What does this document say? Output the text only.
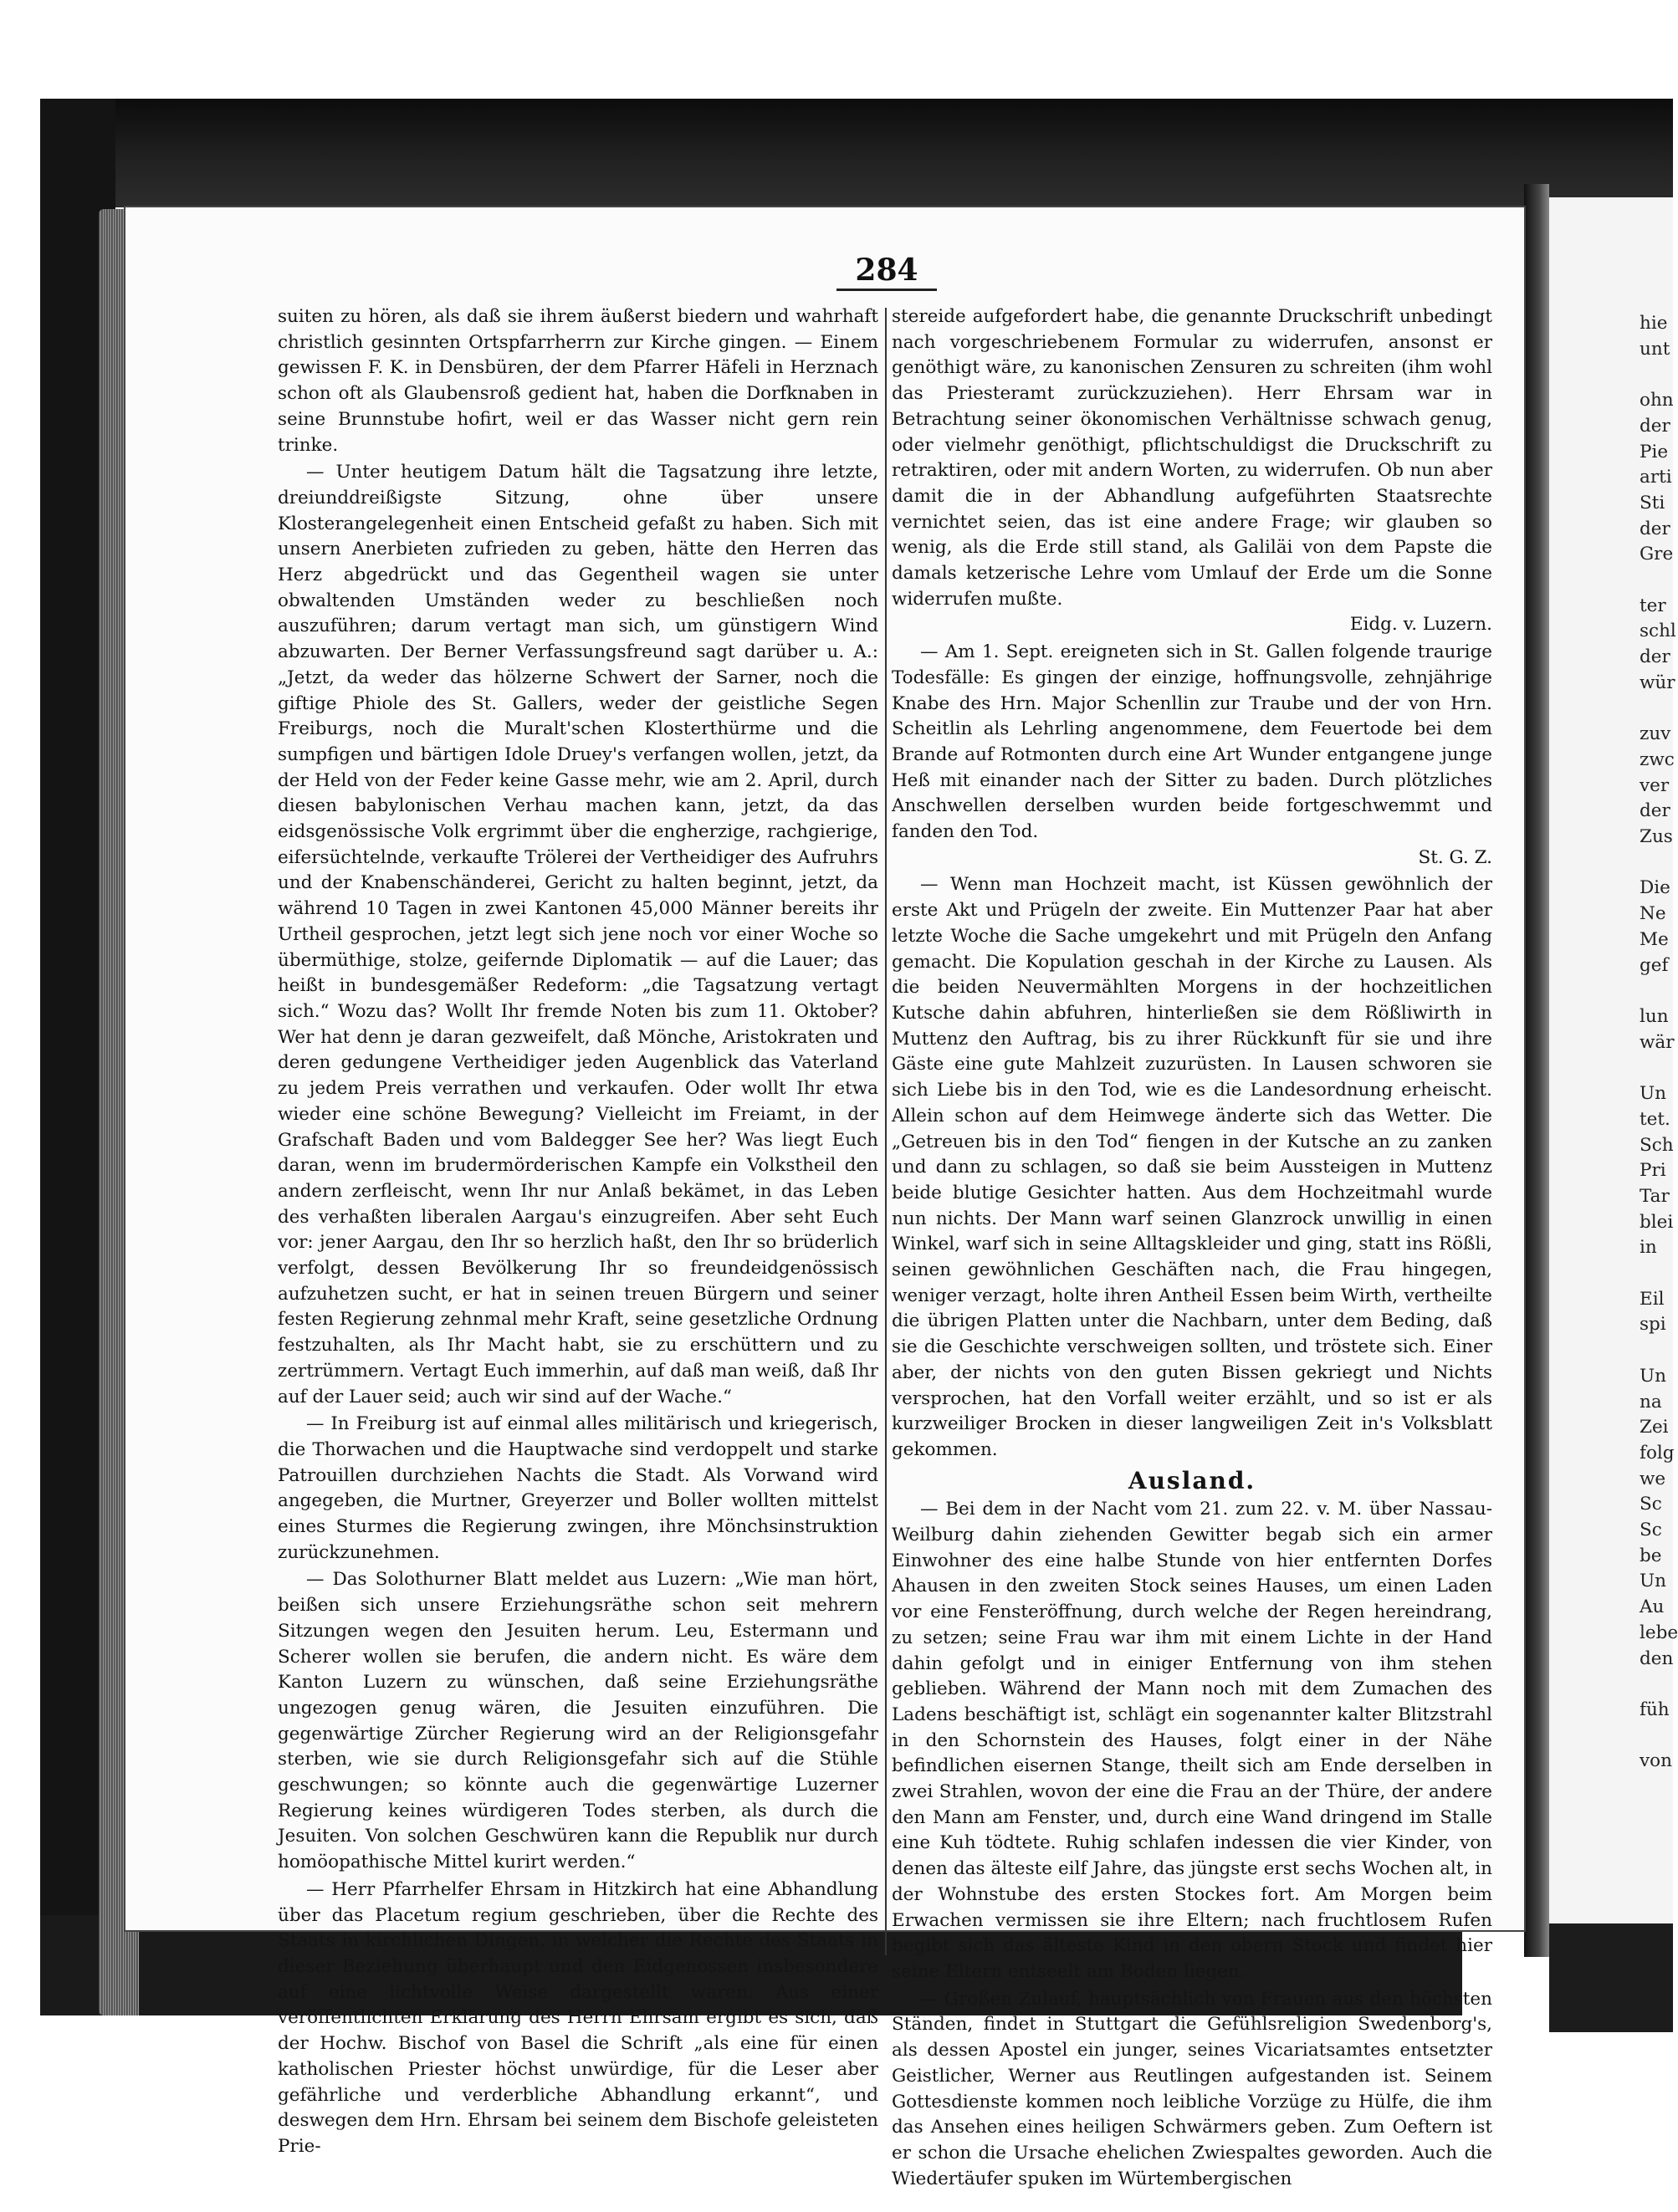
284

suiten zu hören, als daß sie ihrem äußerst biedern und wahrhaft christlich gesinnten Ortspfarrherrn zur Kirche gingen. — Einem gewissen F. K. in Densbüren, der dem Pfarrer Häfeli in Herznach schon oft als Glaubensroß gedient hat, haben die Dorfknaben in seine Brunnstube hofirt, weil er das Wasser nicht gern rein trinke.

— Unter heutigem Datum hält die Tagsatzung ihre letzte, dreiunddreißigste Sitzung, ohne über unsere Klosterangelegenheit einen Entscheid gefaßt zu haben. Sich mit unsern Anerbieten zufrieden zu geben, hätte den Herren das Herz abgedrückt und das Gegentheil wagen sie unter obwaltenden Umständen weder zu beschließen noch auszuführen; darum vertagt man sich, um günstigern Wind abzuwarten. Der Berner Verfassungsfreund sagt darüber u. A.: „Jetzt, da weder das hölzerne Schwert der Sarner, noch die giftige Phiole des St. Gallers, weder der geistliche Segen Freiburgs, noch die Muralt'schen Klosterthürme und die sumpfigen und bärtigen Idole Druey's verfangen wollen, jetzt, da der Held von der Feder keine Gasse mehr, wie am 2. April, durch diesen babylonischen Verhau machen kann, jetzt, da das eidsgenössische Volk ergrimmt über die engherzige, rachgierige, eifersüchtelnde, verkaufte Trölerei der Vertheidiger des Aufruhrs und der Knabenschänderei, Gericht zu halten beginnt, jetzt, da während 10 Tagen in zwei Kantonen 45,000 Männer bereits ihr Urtheil gesprochen, jetzt legt sich jene noch vor einer Woche so übermüthige, stolze, geifernde Diplomatik — auf die Lauer; das heißt in bundesgemäßer Redeform: „die Tagsatzung vertagt sich.“ Wozu das? Wollt Ihr fremde Noten bis zum 11. Oktober? Wer hat denn je daran gezweifelt, daß Mönche, Aristokraten und deren gedungene Vertheidiger jeden Augenblick das Vaterland zu jedem Preis verrathen und verkaufen. Oder wollt Ihr etwa wieder eine schöne Bewegung? Vielleicht im Freiamt, in der Grafschaft Baden und vom Baldegger See her? Was liegt Euch daran, wenn im brudermörderischen Kampfe ein Volkstheil den andern zerfleischt, wenn Ihr nur Anlaß bekämet, in das Leben des verhaßten liberalen Aargau's einzugreifen. Aber seht Euch vor: jener Aargau, den Ihr so herzlich haßt, den Ihr so brüderlich verfolgt, dessen Bevölkerung Ihr so freundeidgenössisch aufzuhetzen sucht, er hat in seinen treuen Bürgern und seiner festen Regierung zehnmal mehr Kraft, seine gesetzliche Ordnung festzuhalten, als Ihr Macht habt, sie zu erschüttern und zu zertrümmern. Vertagt Euch immerhin, auf daß man weiß, daß Ihr auf der Lauer seid; auch wir sind auf der Wache.“

— In Freiburg ist auf einmal alles militärisch und kriegerisch, die Thorwachen und die Hauptwache sind verdoppelt und starke Patrouillen durchziehen Nachts die Stadt. Als Vorwand wird angegeben, die Murtner, Greyerzer und Boller wollten mittelst eines Sturmes die Regierung zwingen, ihre Mönchsinstruktion zurückzunehmen.

— Das Solothurner Blatt meldet aus Luzern: „Wie man hört, beißen sich unsere Erziehungsräthe schon seit mehrern Sitzungen wegen den Jesuiten herum. Leu, Estermann und Scherer wollen sie berufen, die andern nicht. Es wäre dem Kanton Luzern zu wünschen, daß seine Erziehungsräthe ungezogen genug wären, die Jesuiten einzuführen. Die gegenwärtige Zürcher Regierung wird an der Religionsgefahr sterben, wie sie durch Religionsgefahr sich auf die Stühle geschwungen; so könnte auch die gegenwärtige Luzerner Regierung keines würdigeren Todes sterben, als durch die Jesuiten. Von solchen Geschwüren kann die Republik nur durch homöopathische Mittel kurirt werden.“

— Herr Pfarrhelfer Ehrsam in Hitzkirch hat eine Abhandlung über das Placetum regium geschrieben, über die Rechte des Staats in kirchlichen Dingen, in welcher die Rechte des Staats in dieser Beziehung überhaupt und den Eidgenossen insbesondere auf eine lichtvolle Weise dargestellt waren. Aus einer veröffentlichten Erklärung des Herrn Ehrsam ergibt es sich, daß der Hochw. Bischof von Basel die Schrift „als eine für einen katholischen Priester höchst unwürdige, für die Leser aber gefährliche und verderbliche Abhandlung erkannt“, und deswegen dem Hrn. Ehrsam bei seinem dem Bischofe geleisteten Prie-

stereide aufgefordert habe, die genannte Druckschrift unbedingt nach vorgeschriebenem Formular zu widerrufen, ansonst er genöthigt wäre, zu kanonischen Zensuren zu schreiten (ihm wohl das Priesteramt zurückzuziehen). Herr Ehrsam war in Betrachtung seiner ökonomischen Verhältnisse schwach genug, oder vielmehr genöthigt, pflichtschuldigst die Druckschrift zu retraktiren, oder mit andern Worten, zu widerrufen. Ob nun aber damit die in der Abhandlung aufgeführten Staatsrechte vernichtet seien, das ist eine andere Frage; wir glauben so wenig, als die Erde still stand, als Galiläi von dem Papste die damals ketzerische Lehre vom Umlauf der Erde um die Sonne widerrufen mußte.
Eidg. v. Luzern.

— Am 1. Sept. ereigneten sich in St. Gallen folgende traurige Todesfälle: Es gingen der einzige, hoffnungsvolle, zehnjährige Knabe des Hrn. Major Schenllin zur Traube und der von Hrn. Scheitlin als Lehrling angenommene, dem Feuertode bei dem Brande auf Rotmonten durch eine Art Wunder entgangene junge Heß mit einander nach der Sitter zu baden. Durch plötzliches Anschwellen derselben wurden beide fortgeschwemmt und fanden den Tod.
St. G. Z.

— Wenn man Hochzeit macht, ist Küssen gewöhnlich der erste Akt und Prügeln der zweite. Ein Muttenzer Paar hat aber letzte Woche die Sache umgekehrt und mit Prügeln den Anfang gemacht. Die Kopulation geschah in der Kirche zu Lausen. Als die beiden Neuvermählten Morgens in der hochzeitlichen Kutsche dahin abfuhren, hinterließen sie dem Rößliwirth in Muttenz den Auftrag, bis zu ihrer Rückkunft für sie und ihre Gäste eine gute Mahlzeit zuzurüsten. In Lausen schworen sie sich Liebe bis in den Tod, wie es die Landesordnung erheischt. Allein schon auf dem Heimwege änderte sich das Wetter. Die „Getreuen bis in den Tod“ fiengen in der Kutsche an zu zanken und dann zu schlagen, so daß sie beim Aussteigen in Muttenz beide blutige Gesichter hatten. Aus dem Hochzeitmahl wurde nun nichts. Der Mann warf seinen Glanzrock unwillig in einen Winkel, warf sich in seine Alltagskleider und ging, statt ins Rößli, seinen gewöhnlichen Geschäften nach, die Frau hingegen, weniger verzagt, holte ihren Antheil Essen beim Wirth, vertheilte die übrigen Platten unter die Nachbarn, unter dem Beding, daß sie die Geschichte verschweigen sollten, und tröstete sich. Einer aber, der nichts von den guten Bissen gekriegt und Nichts versprochen, hat den Vorfall weiter erzählt, und so ist er als kurzweiliger Brocken in dieser langweiligen Zeit in's Volksblatt gekommen.

Ausland.

— Bei dem in der Nacht vom 21. zum 22. v. M. über Nassau-Weilburg dahin ziehenden Gewitter begab sich ein armer Einwohner des eine halbe Stunde von hier entfernten Dorfes Ahausen in den zweiten Stock seines Hauses, um einen Laden vor eine Fensteröffnung, durch welche der Regen hereindrang, zu setzen; seine Frau war ihm mit einem Lichte in der Hand dahin gefolgt und in einiger Entfernung von ihm stehen geblieben. Während der Mann noch mit dem Zumachen des Ladens beschäftigt ist, schlägt ein sogenannter kalter Blitzstrahl in den Schornstein des Hauses, folgt einer in der Nähe befindlichen eisernen Stange, theilt sich am Ende derselben in zwei Strahlen, wovon der eine die Frau an der Thüre, der andere den Mann am Fenster, und, durch eine Wand dringend im Stalle eine Kuh tödtete. Ruhig schlafen indessen die vier Kinder, von denen das älteste eilf Jahre, das jüngste erst sechs Wochen alt, in der Wohnstube des ersten Stockes fort. Am Morgen beim Erwachen vermissen sie ihre Eltern; nach fruchtlosem Rufen begibt sich das älteste Kind in den obern Stock und findet hier seine Eltern entseelt am Boden liegen.

— Großen Zulauf, hauptsächlich von Frauen aus den höchsten Ständen, findet in Stuttgart die Gefühlsreligion Swedenborg's, als dessen Apostel ein junger, seines Vicariatsamtes entsetzter Geistlicher, Werner aus Reutlingen aufgestanden ist. Seinem Gottesdienste kommen noch leibliche Vorzüge zu Hülfe, die ihm das Ansehen eines heiligen Schwärmers geben. Zum Oeftern ist er schon die Ursache ehelichen Zwiespaltes geworden. Auch die Wiedertäufer spuken im Würtembergischen

hie
unt

ohn
der
Pie
arti
Sti
der
Gre

ter
schl
der
wür

zuv
zwc
ver
der
Zus

Die
Ne
Me
gef

lun
wär

Un
tet.
Sch
Pri
Tar
blei
in

Eil
spi

Un
na
Zei
folg
we
Sc
Sc
be
Un
Au
lebe
den

füh

von
